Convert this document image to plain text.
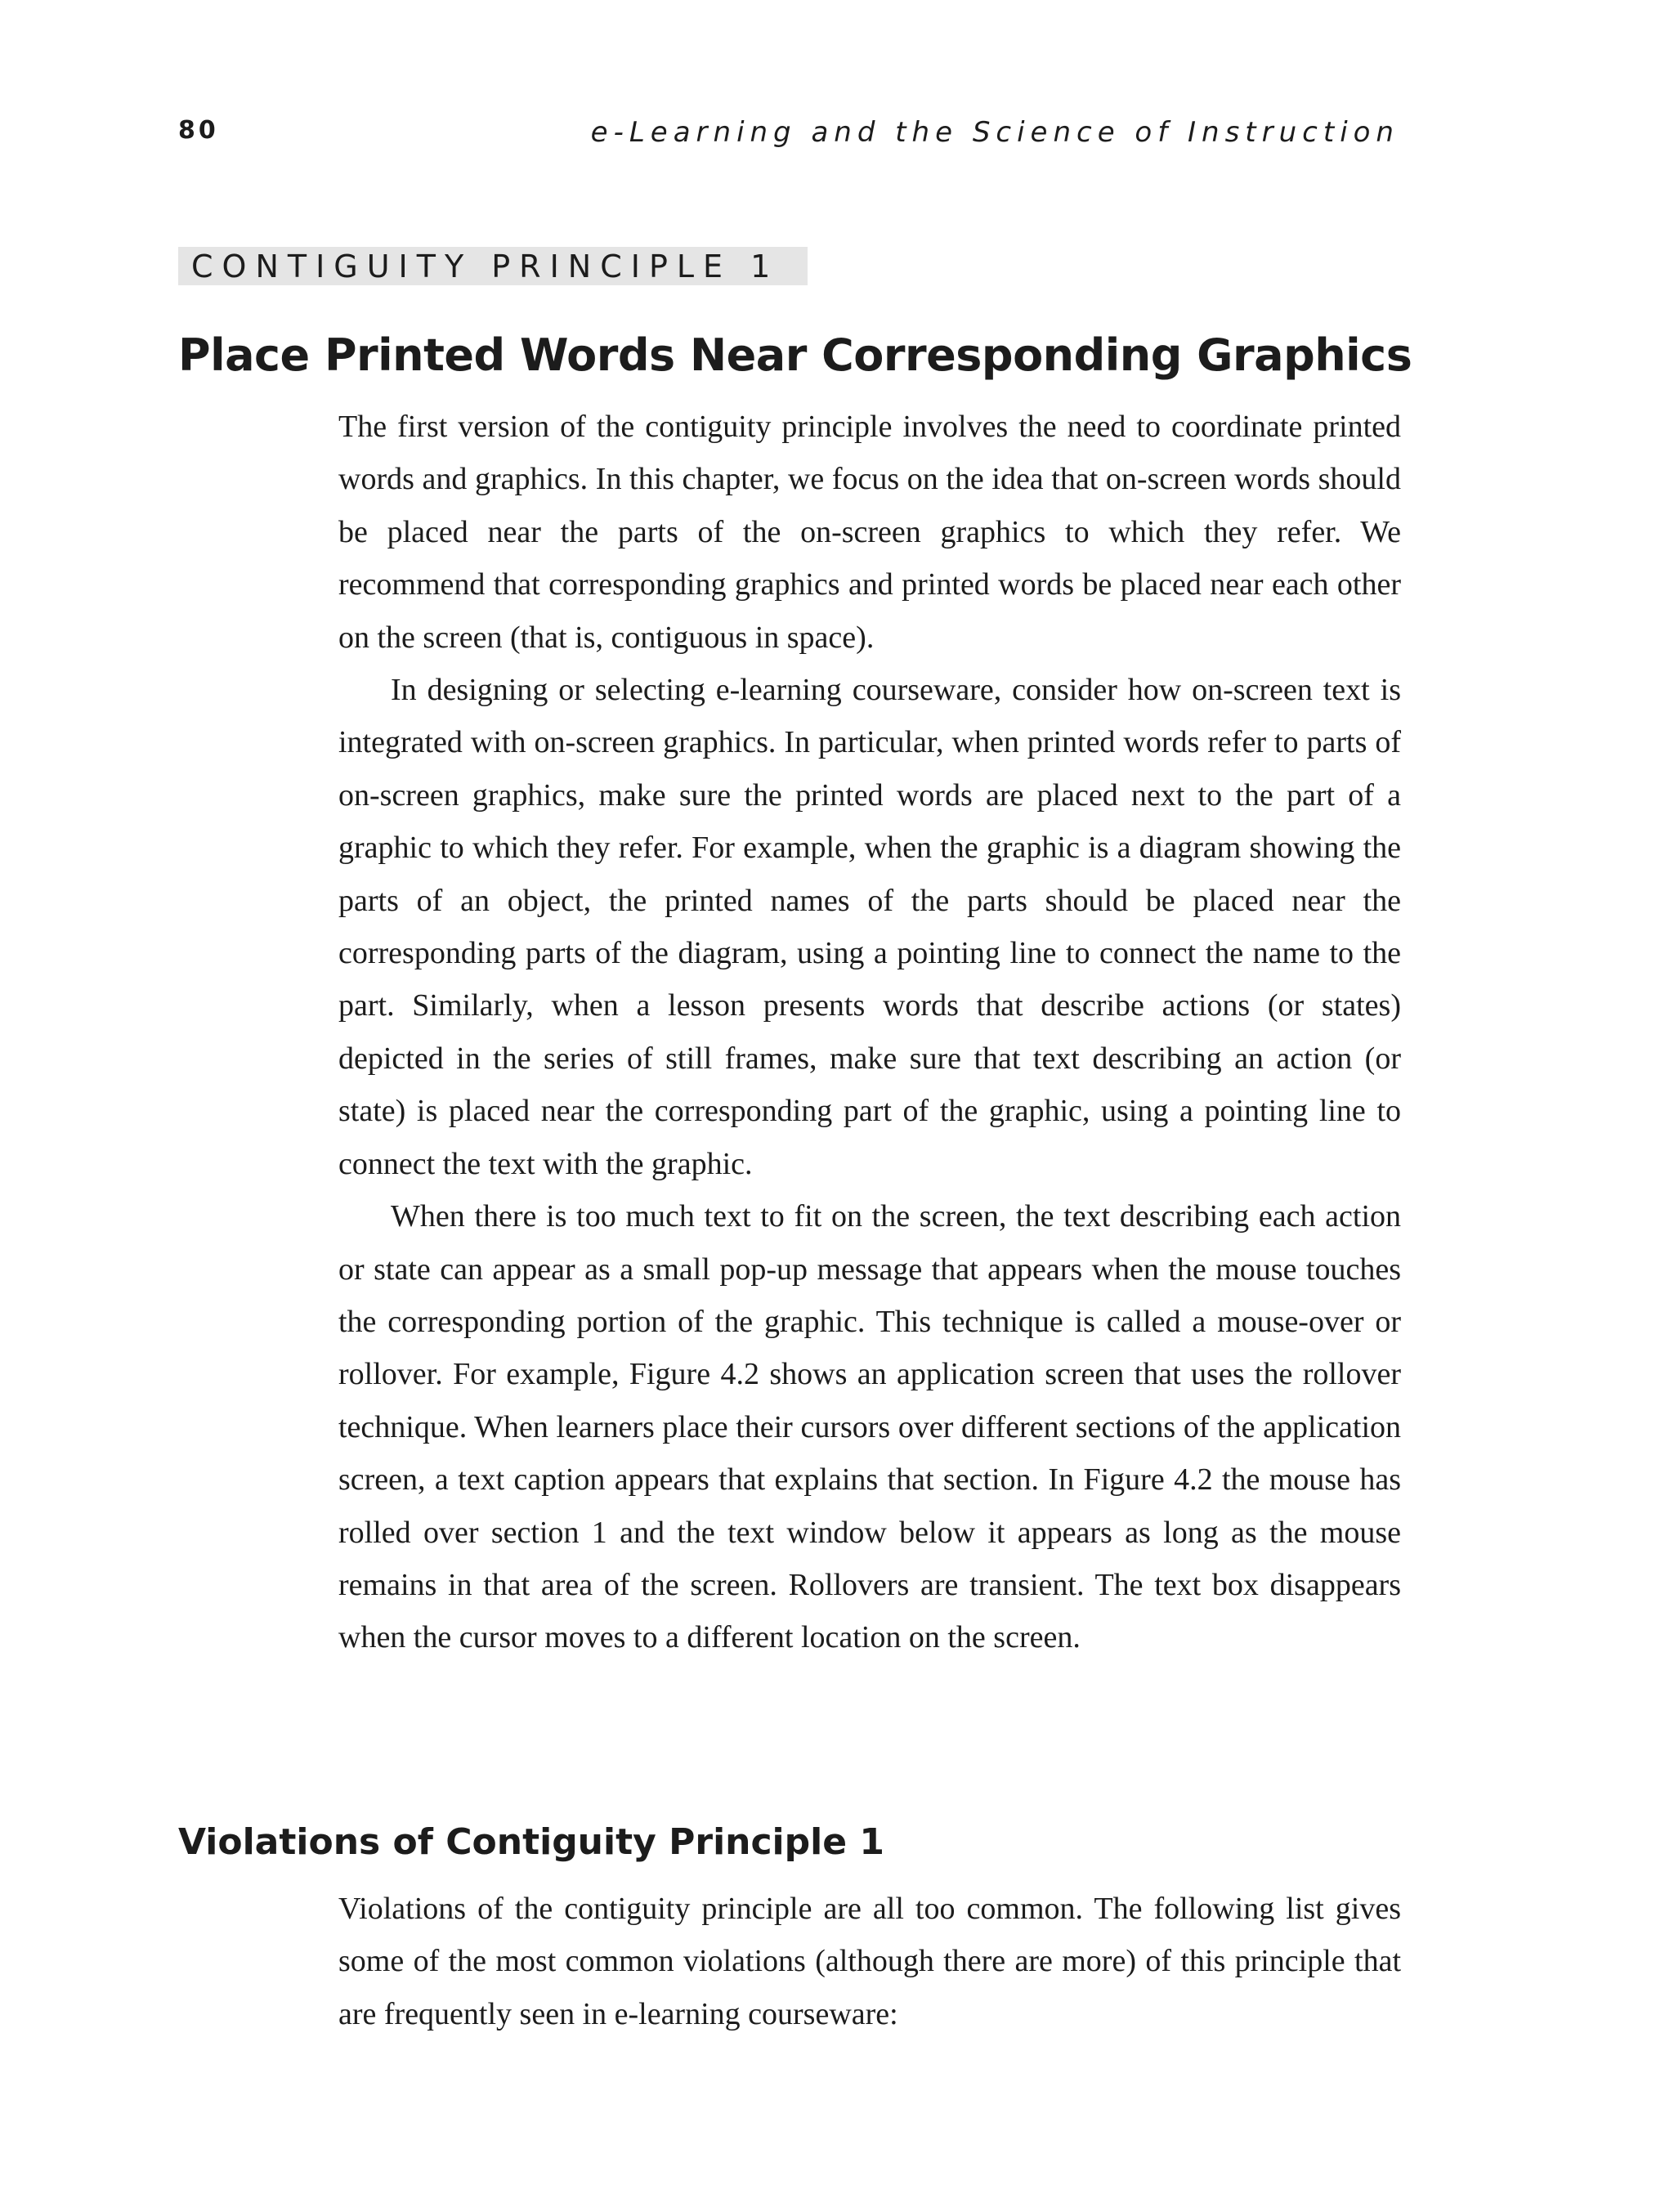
80	e-Learning and the Science of Instruction
CONTIGUITY PRINCIPLE 1
Place Printed Words Near Corresponding Graphics

The first version of the contiguity principle involves the need to coordinate printed words and graphics. In this chapter, we focus on the idea that on-screen words should be placed near the parts of the on-screen graphics to which they refer. We recommend that corresponding graphics and printed words be placed near each other on the screen (that is, contiguous in space).

In designing or selecting e-learning courseware, consider how on-screen text is integrated with on-screen graphics. In particular, when printed words refer to parts of on-screen graphics, make sure the printed words are placed next to the part of a graphic to which they refer. For example, when the graphic is a diagram showing the parts of an object, the printed names of the parts should be placed near the corresponding parts of the diagram, using a pointing line to connect the name to the part. Similarly, when a lesson presents words that describe actions (or states) depicted in the series of still frames, make sure that text describing an action (or state) is placed near the corresponding part of the graphic, using a pointing line to connect the text with the graphic.

When there is too much text to fit on the screen, the text describing each action or state can appear as a small pop-up message that appears when the mouse touches the corresponding portion of the graphic. This technique is called a mouse-over or rollover. For example, Figure 4.2 shows an application screen that uses the rollover technique. When learners place their cursors over different sections of the application screen, a text caption appears that explains that section. In Figure 4.2 the mouse has rolled over section 1 and the text window below it appears as long as the mouse remains in that area of the screen. Rollovers are transient. The text box disappears when the cursor moves to a different location on the screen.

Violations of Contiguity Principle 1

Violations of the contiguity principle are all too common. The following list gives some of the most common violations (although there are more) of this principle that are frequently seen in e-learning courseware:
